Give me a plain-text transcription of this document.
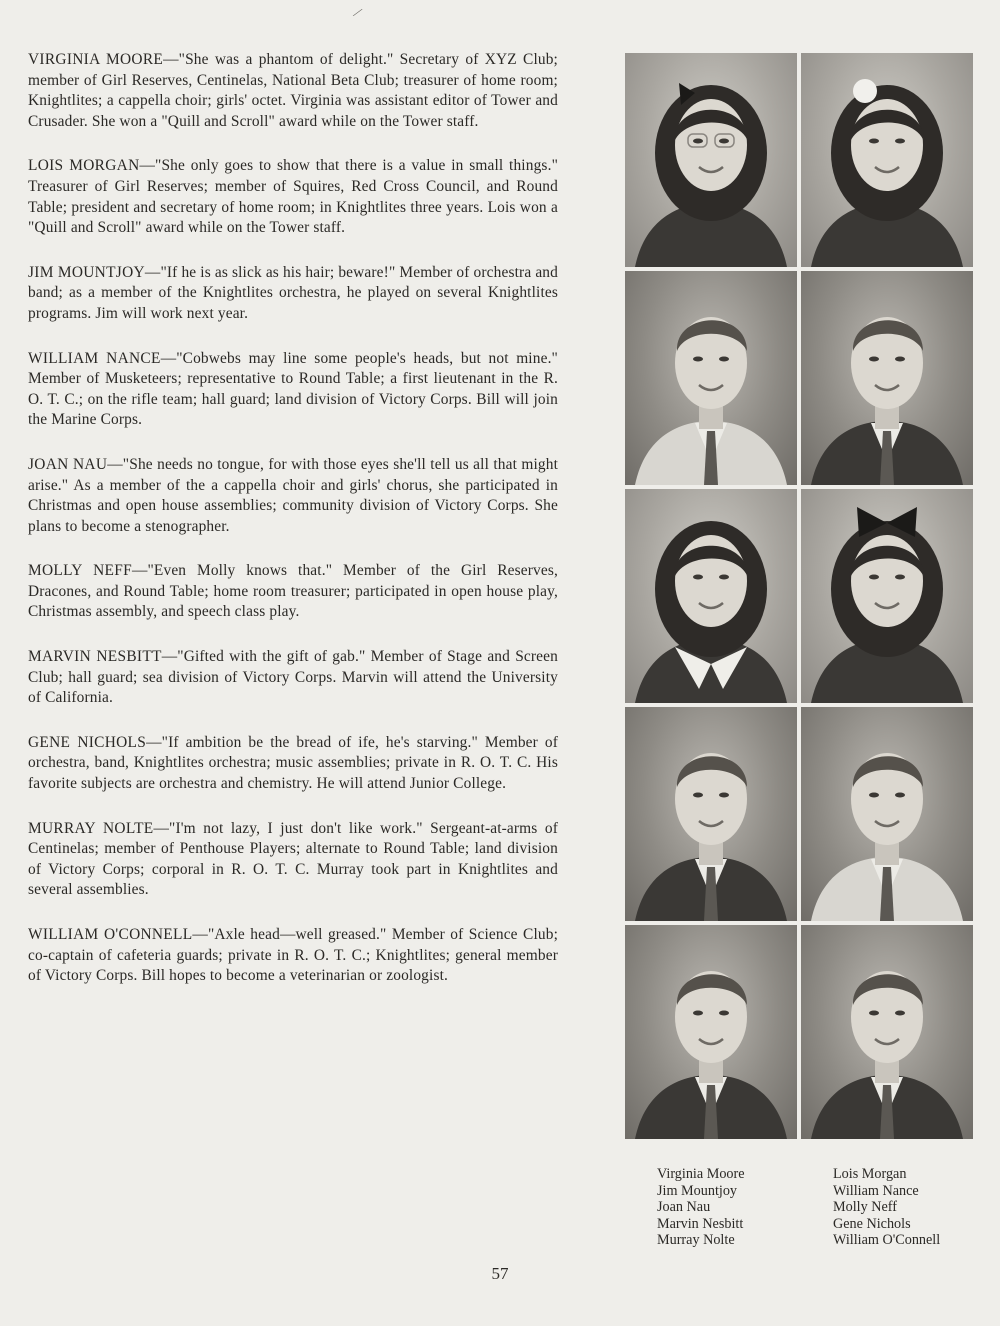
⁄

VIRGINIA MOORE—"She was a phantom of delight." Secretary of XYZ Club; member of Girl Reserves, Centinelas, National Beta Club; treasurer of home room; Knightlites; a cappella choir; girls' octet. Virginia was assistant editor of Tower and Crusader. She won a "Quill and Scroll" award while on the Tower staff.

LOIS MORGAN—"She only goes to show that there is a value in small things." Treasurer of Girl Reserves; member of Squires, Red Cross Council, and Round Table; president and secretary of home room; in Knightlites three years. Lois won a "Quill and Scroll" award while on the Tower staff.

JIM MOUNTJOY—"If he is as slick as his hair; beware!" Member of orchestra and band; as a member of the Knightlites orchestra, he played on several Knightlites programs. Jim will work next year.

WILLIAM NANCE—"Cobwebs may line some people's heads, but not mine." Member of Musketeers; representative to Round Table; a first lieutenant in the R. O. T. C.; on the rifle team; hall guard; land division of Victory Corps. Bill will join the Marine Corps.

JOAN NAU—"She needs no tongue, for with those eyes she'll tell us all that might arise." As a member of the a cappella choir and girls' chorus, she participated in Christmas and open house assemblies; community division of Victory Corps. She plans to become a stenographer.

MOLLY NEFF—"Even Molly knows that." Member of the Girl Reserves, Dracones, and Round Table; home room treasurer; participated in open house play, Christmas assembly, and speech class play.

MARVIN NESBITT—"Gifted with the gift of gab." Member of Stage and Screen Club; hall guard; sea division of Victory Corps. Marvin will attend the University of California.

GENE NICHOLS—"If ambition be the bread of ife, he's starving." Member of orchestra, band, Knightlites orchestra; music assemblies; private in R. O. T. C. His favorite subjects are orchestra and chemistry. He will attend Junior College.

MURRAY NOLTE—"I'm not lazy, I just don't like work." Sergeant-at-arms of Centinelas; member of Penthouse Players; alternate to Round Table; land division of Victory Corps; corporal in R. O. T. C. Murray took part in Knightlites and several assemblies.

WILLIAM O'CONNELL—"Axle head—well greased." Member of Science Club; co-captain of cafeteria guards; private in R. O. T. C.; Knightlites; general member of Victory Corps. Bill hopes to become a veterinarian or zoologist.

Virginia Moore	Lois Morgan
Jim Mountjoy	William Nance
Joan Nau	Molly Neff
Marvin Nesbitt	Gene Nichols
Murray Nolte	William O'Connell
57
